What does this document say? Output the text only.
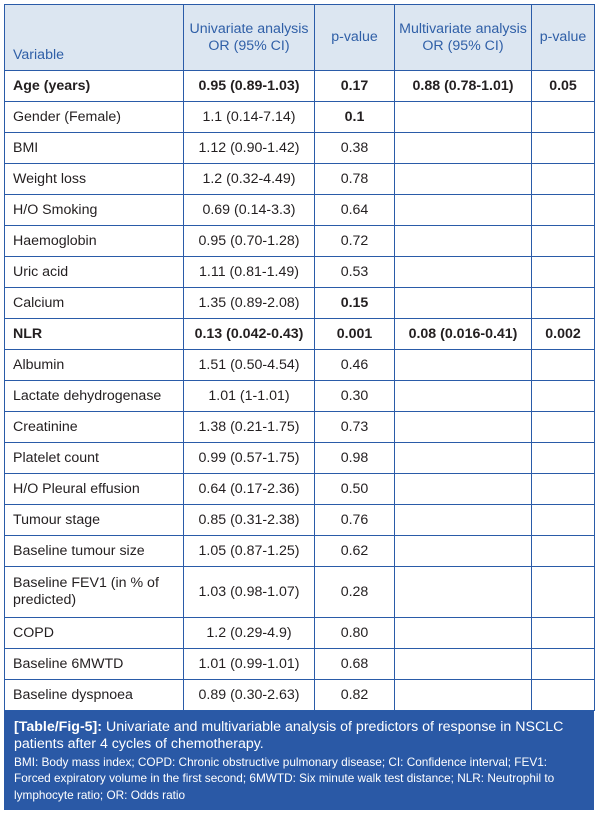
Variable	Univariate analysis OR (95% CI)	p-value	Multivariate analysis OR (95% CI)	p-value
Age (years)	0.95 (0.89-1.03)	0.17	0.88 (0.78-1.01)	0.05
Gender (Female)	1.1 (0.14-7.14)	0.1		
BMI	1.12 (0.90-1.42)	0.38		
Weight loss	1.2 (0.32-4.49)	0.78		
H/O Smoking	0.69 (0.14-3.3)	0.64		
Haemoglobin	0.95 (0.70-1.28)	0.72		
Uric acid	1.11 (0.81-1.49)	0.53		
Calcium	1.35 (0.89-2.08)	0.15		
NLR	0.13 (0.042-0.43)	0.001	0.08 (0.016-0.41)	0.002
Albumin	1.51 (0.50-4.54)	0.46		
Lactate dehydrogenase	1.01 (1-1.01)	0.30		
Creatinine	1.38 (0.21-1.75)	0.73		
Platelet count	0.99 (0.57-1.75)	0.98		
H/O Pleural effusion	0.64 (0.17-2.36)	0.50		
Tumour stage	0.85 (0.31-2.38)	0.76		
Baseline tumour size	1.05 (0.87-1.25)	0.62		
Baseline FEV1 (in % of predicted)	1.03 (0.98-1.07)	0.28		
COPD	1.2 (0.29-4.9)	0.80		
Baseline 6MWTD	1.01 (0.99-1.01)	0.68		
Baseline dyspnoea	0.89 (0.30-2.63)	0.82		
[Table/Fig-5]: Univariate and multivariable analysis of predictors of response in NSCLC patients after 4 cycles of chemotherapy.
BMI: Body mass index; COPD: Chronic obstructive pulmonary disease; CI: Confidence interval; FEV1: Forced expiratory volume in the first second; 6MWTD: Six minute walk test distance; NLR: Neutrophil to lymphocyte ratio; OR: Odds ratio
